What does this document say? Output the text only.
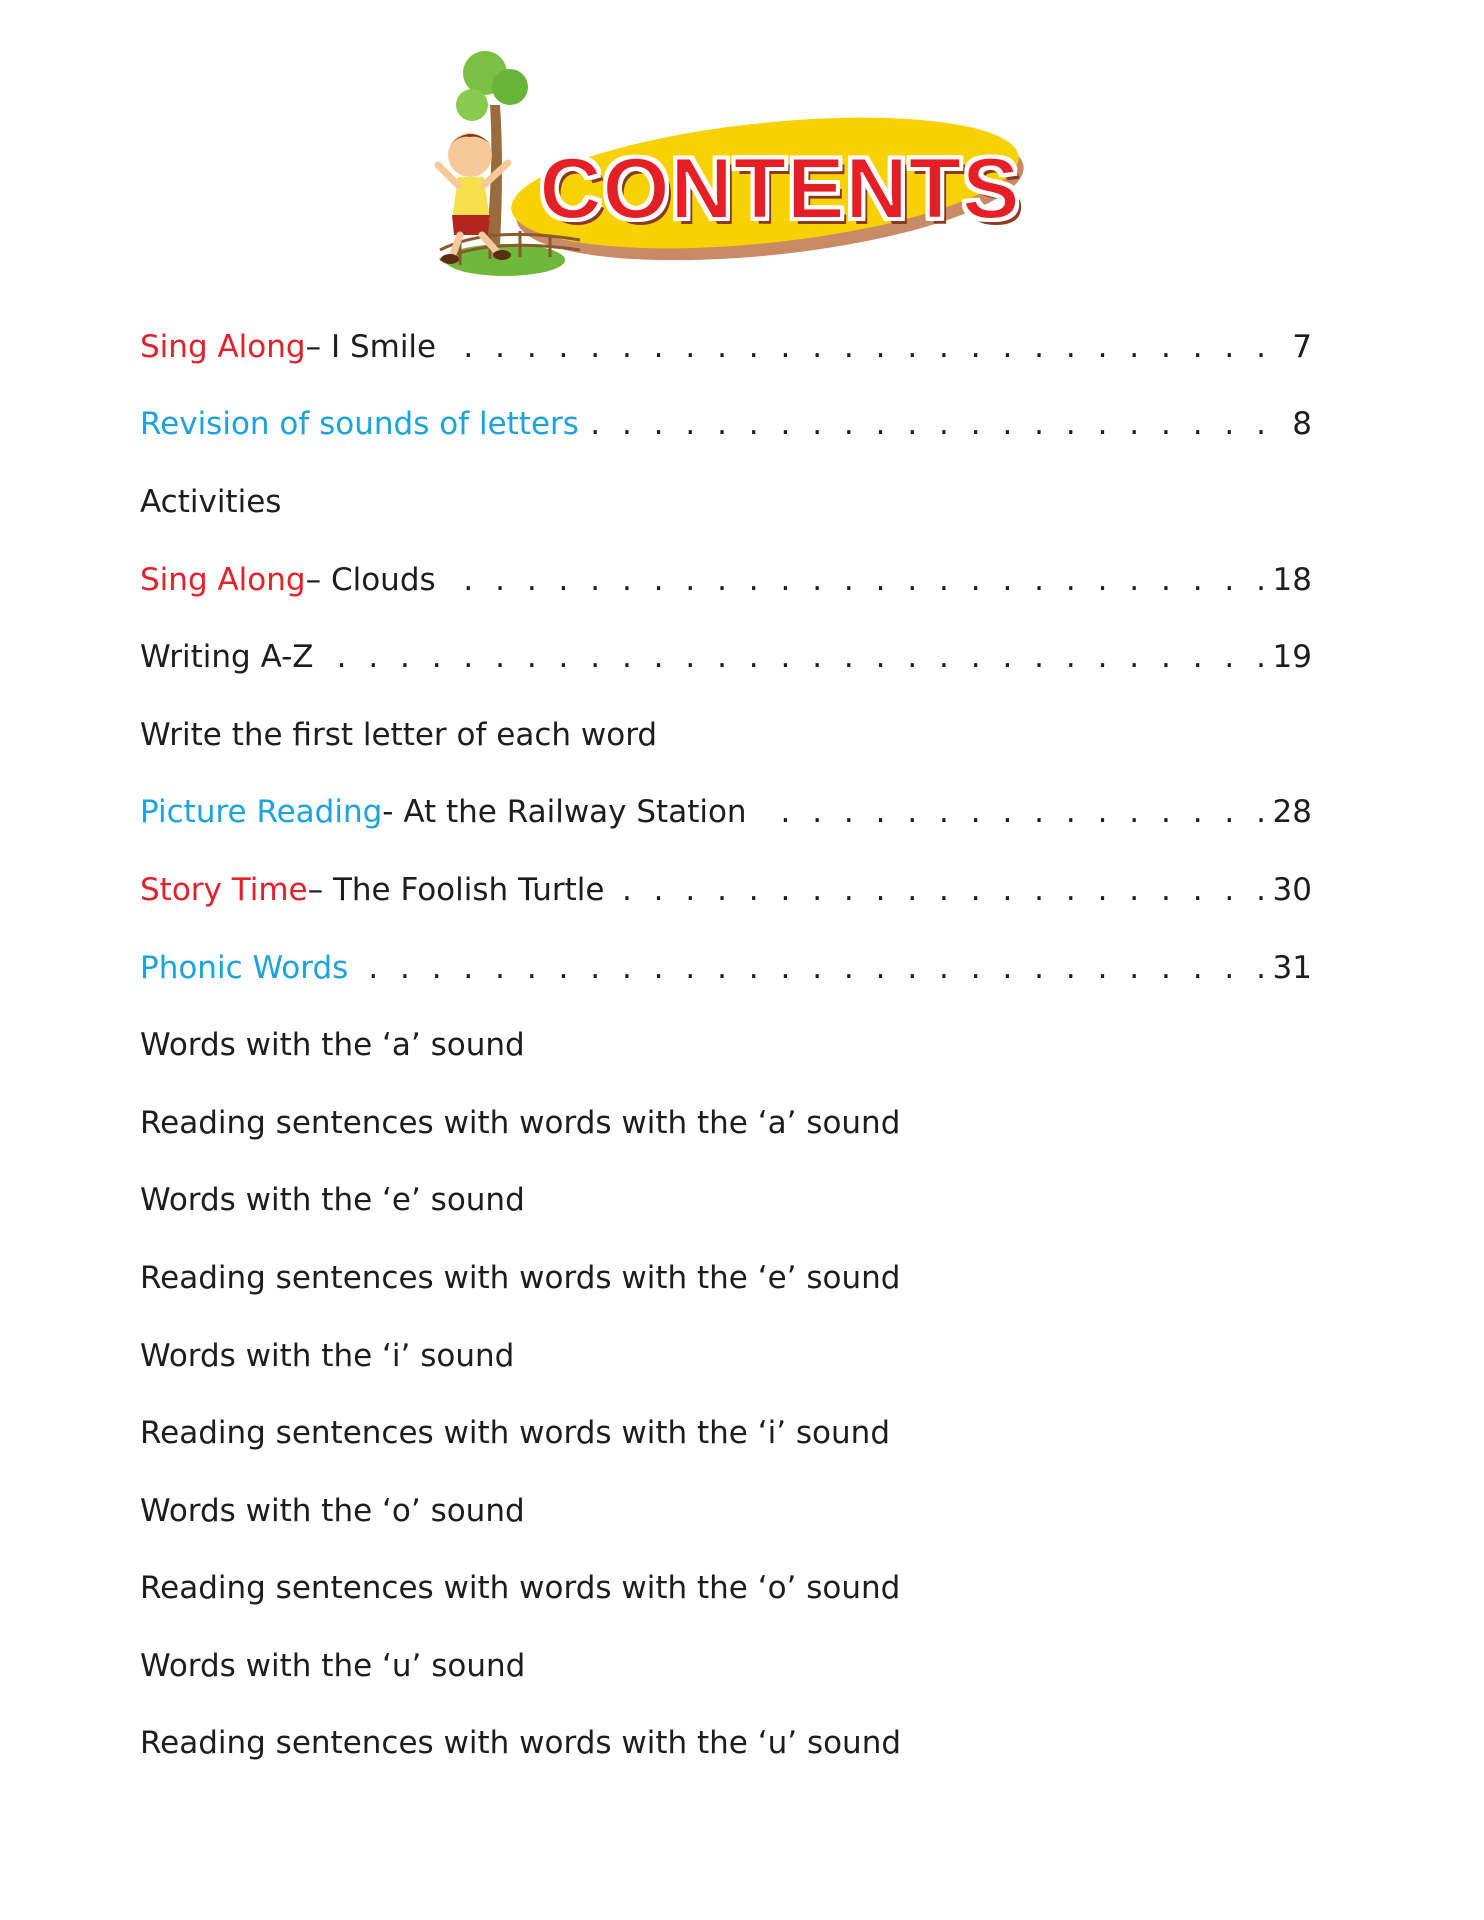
CONTENTS
Sing Along – I Smile . . .	7
Revision of sounds of letters . . .	8
Activities
Sing Along – Clouds . . .	18
Writing A-Z . . .	19
Write the first letter of each word
Picture Reading - At the Railway Station . . .	28
Story Time – The Foolish Turtle . . .	30
Phonic Words . . .	31
Words with the ‘a’ sound
Reading sentences with words with the ‘a’ sound
Words with the ‘e’ sound
Reading sentences with words with the ‘e’ sound
Words with the ‘i’ sound
Reading sentences with words with the ‘i’ sound
Words with the ‘o’ sound
Reading sentences with words with the ‘o’ sound
Words with the ‘u’ sound
Reading sentences with words with the ‘u’ sound
